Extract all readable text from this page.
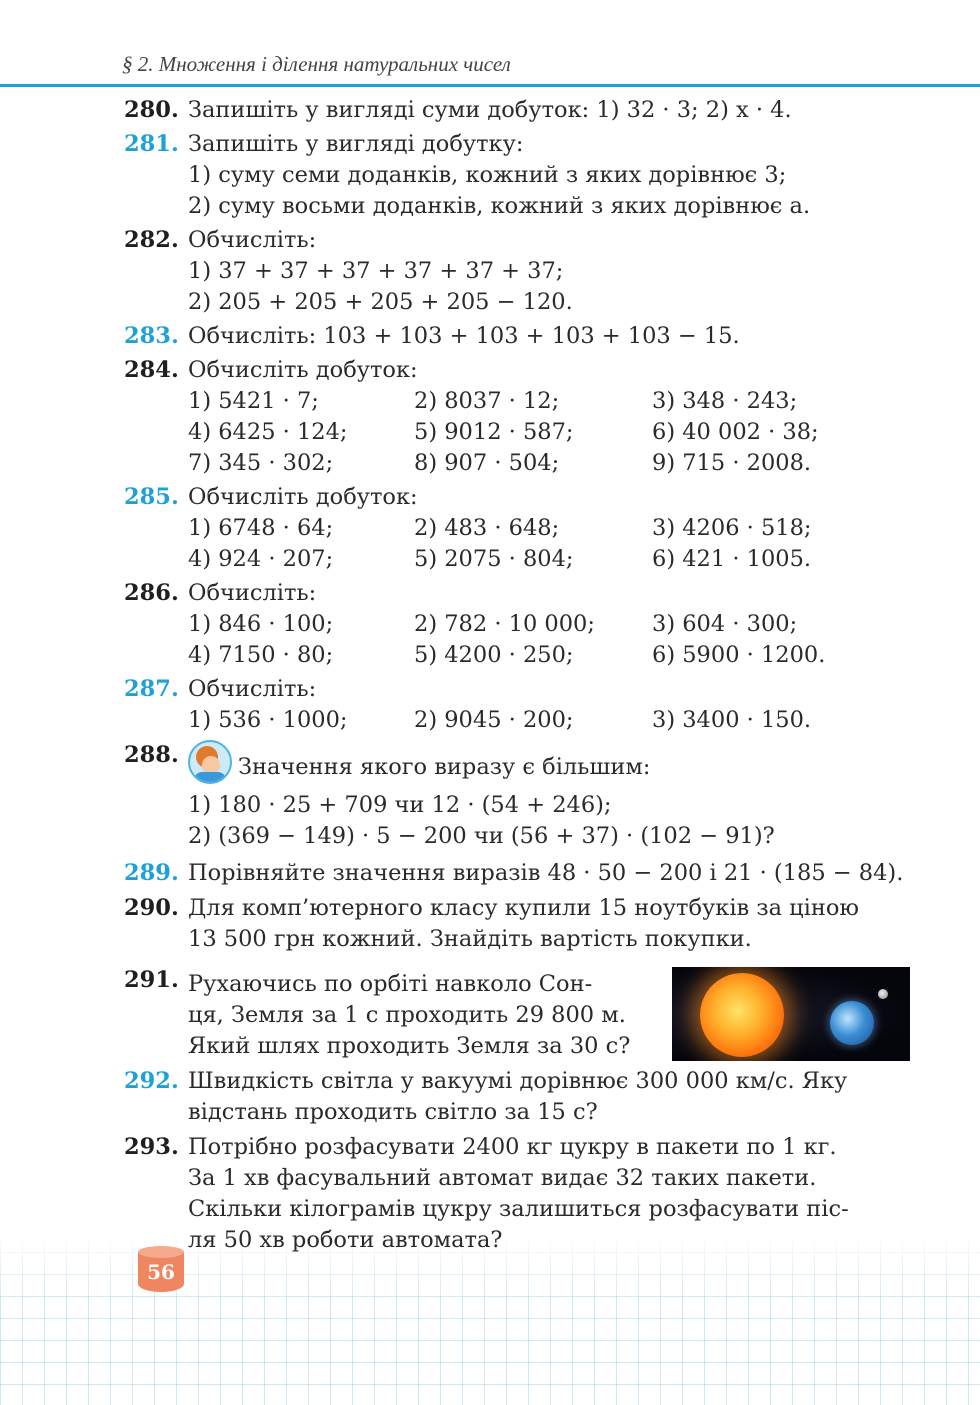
§ 2. Множення і ділення натуральних чисел
280. Запишіть у вигляді суми добуток: 1) 32 · 3; 2) x · 4.
281. Запишіть у вигляді добутку:
1) суму семи доданків, кожний з яких дорівнює 3;
2) суму восьми доданків, кожний з яких дорівнює a.
282. Обчисліть:
1) 37 + 37 + 37 + 37 + 37 + 37;
2) 205 + 205 + 205 + 205 − 120.
283. Обчисліть: 103 + 103 + 103 + 103 + 103 − 15.
284. Обчисліть добуток:
1) 5421 · 7;	2) 8037 · 12;	3) 348 · 243;
4) 6425 · 124;	5) 9012 · 587;	6) 40 002 · 38;
7) 345 · 302;	8) 907 · 504;	9) 715 · 2008.
285. Обчисліть добуток:
1) 6748 · 64;	2) 483 · 648;	3) 4206 · 518;
4) 924 · 207;	5) 2075 · 804;	6) 421 · 1005.
286. Обчисліть:
1) 846 · 100;	2) 782 · 10 000;	3) 604 · 300;
4) 7150 · 80;	5) 4200 · 250;	6) 5900 · 1200.
287. Обчисліть:
1) 536 · 1000;	2) 9045 · 200;	3) 3400 · 150.
288.	Значення якого виразу є більшим:
1) 180 · 25 + 709 чи 12 · (54 + 246);
2) (369 − 149) · 5 − 200 чи (56 + 37) · (102 − 91)?
289. Порівняйте значення виразів 48 · 50 − 200 і 21 · (185 − 84).
290. Для комп’ютерного класу купили 15 ноутбуків за ціною
13 500 грн кожний. Знайдіть вартість покупки.
291. Рухаючись по орбіті навколо Сон-
ця, Земля за 1 с проходить 29 800 м.
Який шлях проходить Земля за 30 с?
292. Швидкість світла у вакуумі дорівнює 300 000 км/с. Яку
відстань проходить світло за 15 с?
293. Потрібно розфасувати 2400 кг цукру в пакети по 1 кг.
За 1 хв фасувальний автомат видає 32 таких пакети.
Скільки кілограмів цукру залишиться розфасувати піс-
ля 50 хв роботи автомата?
56
